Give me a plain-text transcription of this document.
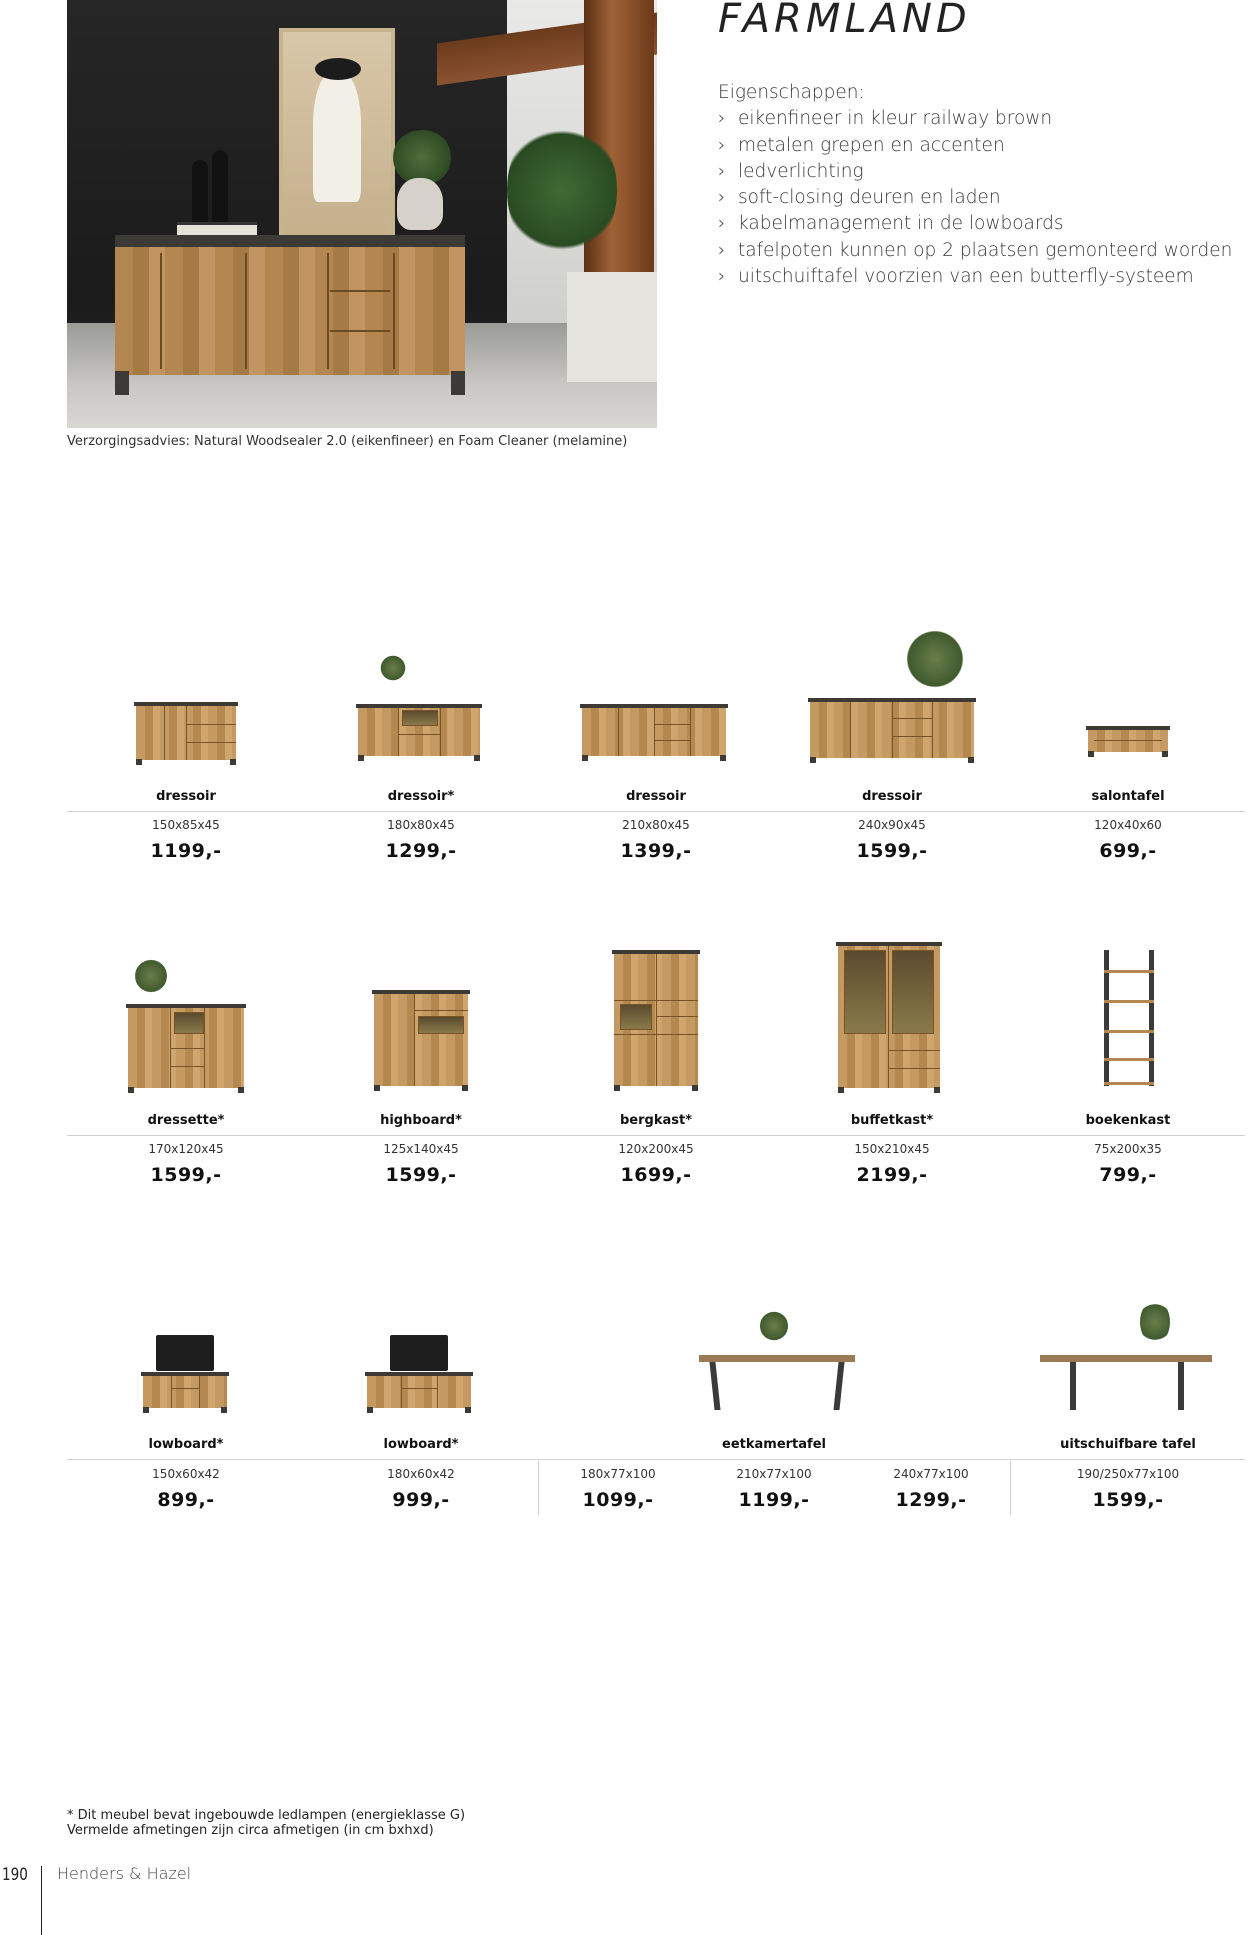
FARMLAND
Eigenschappen:
› eikenfineer in kleur railway brown
› metalen grepen en accenten
› ledverlichting
› soft-closing deuren en laden
› kabelmanagement in de lowboards
› tafelpoten kunnen op 2 plaatsen gemonteerd worden
› uitschuiftafel voorzien van een butterfly-systeem
Verzorgingsadvies: Natural Woodsealer 2.0 (eikenfineer) en Foam Cleaner (melamine)
dressoir	dressoir*	dressoir	dressoir	salontafel
150x85x45	180x80x45	210x80x45	240x90x45	120x40x60
1199,-	1299,-	1399,-	1599,-	699,-
dressette*	highboard*	bergkast*	buffetkast*	boekenkast
170x120x45	125x140x45	120x200x45	150x210x45	75x200x35
1599,-	1599,-	1699,-	2199,-	799,-
lowboard*	lowboard*	eetkamertafel	uitschuifbare tafel
150x60x42	180x60x42	180x77x100	210x77x100	240x77x100	190/250x77x100
899,-	999,-	1099,-	1199,-	1299,-	1599,-
* Dit meubel bevat ingebouwde ledlampen (energieklasse G)
Vermelde afmetingen zijn circa afmetigen (in cm bxhxd)
190 Henders & Hazel
